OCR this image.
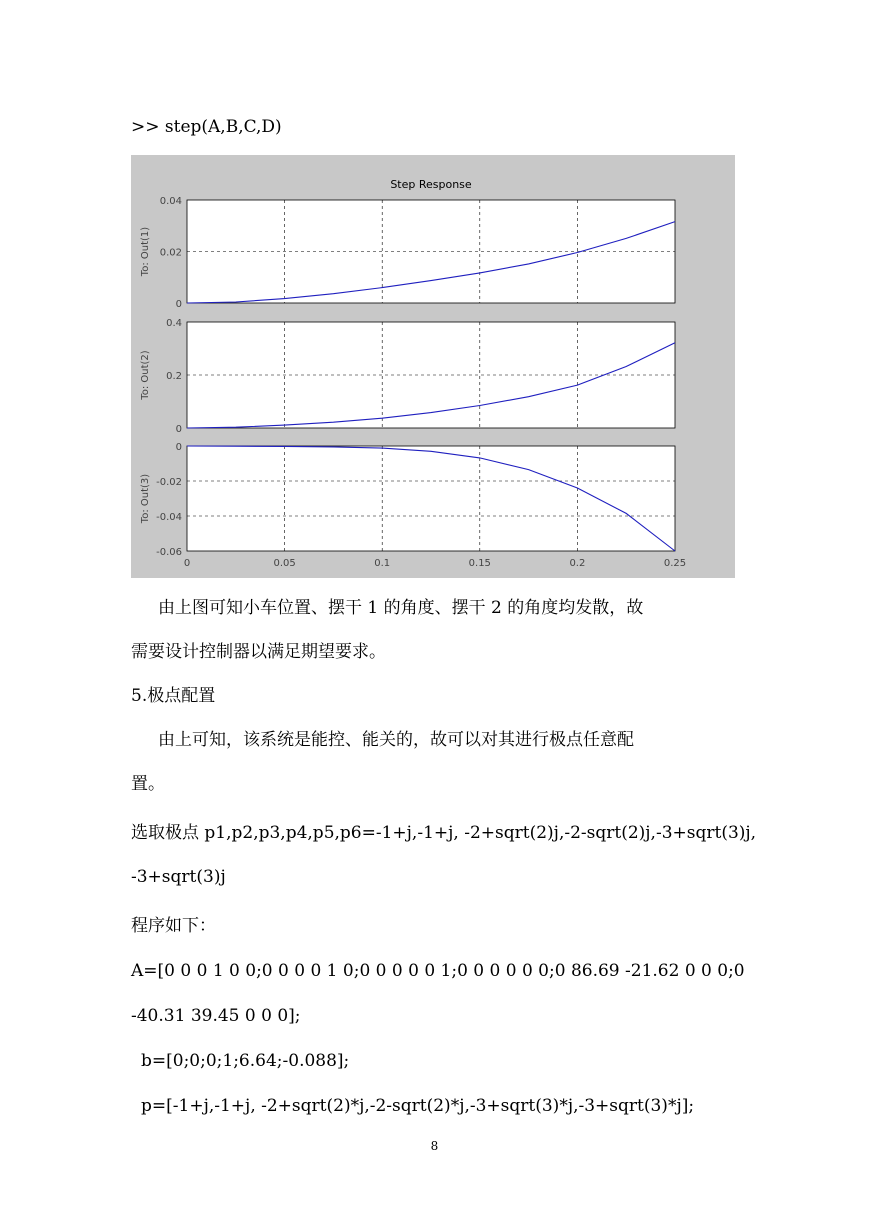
>> step(A,B,C,D)
Step Response
0
0.02
0.04
To: Out(1)
0
0.2
0.4
To: Out(2)
0
-0.02
-0.04
-0.06
To: Out(3)
0	0.05	0.1	0.15	0.2	0.25
由上图可知小车位置、摆干 1 的角度、摆干 2 的角度均发散，故
需要设计控制器以满足期望要求。
5.极点配置
由上可知，该系统是能控、能关的，故可以对其进行极点任意配
置。
选取极点 p1,p2,p3,p4,p5,p6=-1+j,-1+j, -2+sqrt(2)j,-2-sqrt(2)j,-3+sqrt(3)j,
-3+sqrt(3)j
程序如下：
A=[0 0 0 1 0 0;0 0 0 0 1 0;0 0 0 0 0 1;0 0 0 0 0 0;0 86.69 -21.62 0 0 0;0
-40.31 39.45 0 0 0];
b=[0;0;0;1;6.64;-0.088];
p=[-1+j,-1+j, -2+sqrt(2)*j,-2-sqrt(2)*j,-3+sqrt(3)*j,-3+sqrt(3)*j];
8
